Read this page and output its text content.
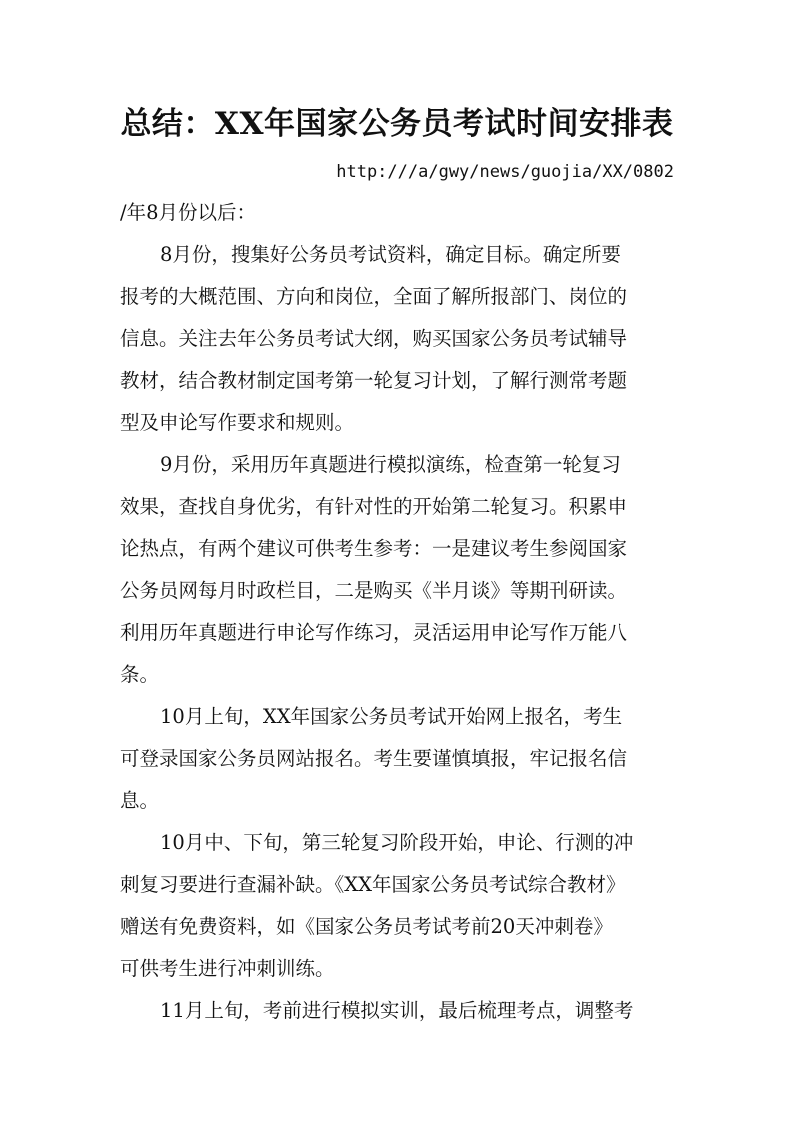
总结：XX年国家公务员考试时间安排表
http:///a/gwy/news/guojia/XX/0802
/年8月份以后：
8月份，搜集好公务员考试资料，确定目标。确定所要
报考的大概范围、方向和岗位，全面了解所报部门、岗位的
信息。关注去年公务员考试大纲，购买国家公务员考试辅导
教材，结合教材制定国考第一轮复习计划，了解行测常考题
型及申论写作要求和规则。
9月份，采用历年真题进行模拟演练，检查第一轮复习
效果，查找自身优劣，有针对性的开始第二轮复习。积累申
论热点，有两个建议可供考生参考：一是建议考生参阅国家
公务员网每月时政栏目，二是购买《半月谈》等期刊研读。
利用历年真题进行申论写作练习，灵活运用申论写作万能八
条。
10月上旬，XX年国家公务员考试开始网上报名，考生
可登录国家公务员网站报名。考生要谨慎填报，牢记报名信
息。
10月中、下旬，第三轮复习阶段开始，申论、行测的冲
刺复习要进行查漏补缺。《XX年国家公务员考试综合教材》
赠送有免费资料，如《国家公务员考试考前20天冲刺卷》
可供考生进行冲刺训练。
11月上旬，考前进行模拟实训，最后梳理考点，调整考
